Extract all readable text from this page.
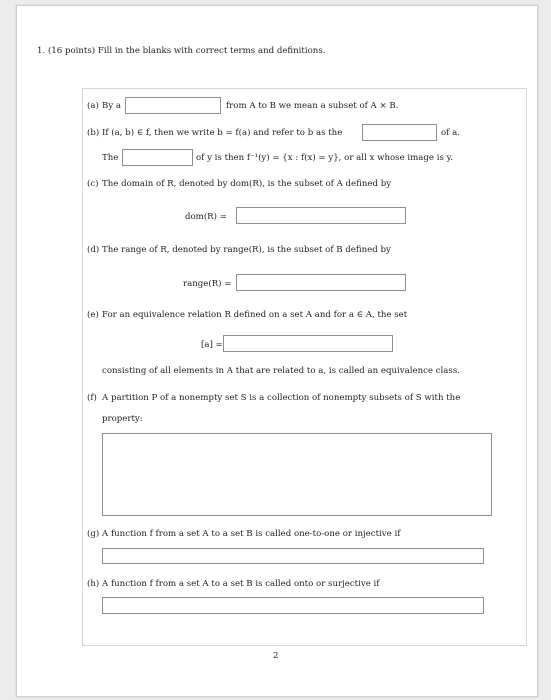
1. (16 points) Fill in the blanks with correct terms and definitions.
(a) By a	from A to B we mean a subset of A × B.
(b) If (a, b) ∈ f, then we write b = f(a) and refer to b as the	of a.
The	of y is then f⁻¹(y) = {x : f(x) = y}, or all x whose image is y.
(c) The domain of R, denoted by dom(R), is the subset of A defined by
dom(R) =
(d) The range of R, denoted by range(R), is the subset of B defined by
range(R) =
(e) For an equivalence relation R defined on a set A and for a ∈ A, the set
[a] =
consisting of all elements in A that are related to a, is called an equivalence class.
(f) A partition P of a nonempty set S is a collection of nonempty subsets of S with the
property:
(g) A function f from a set A to a set B is called one-to-one or injective if
(h) A function f from a set A to a set B is called onto or surjective if
2
